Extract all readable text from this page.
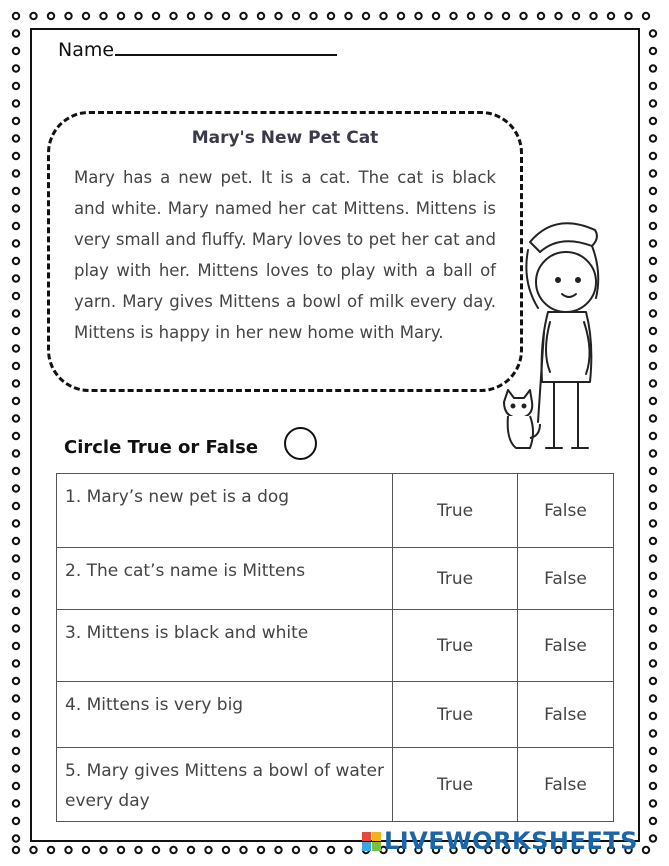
Name
Mary's New Pet Cat
Mary has a new pet. It is a cat. The cat is black and white. Mary named her cat Mittens. Mittens is very small and fluffy. Mary loves to pet her cat and play with her. Mittens loves to play with a ball of yarn. Mary gives Mittens a bowl of milk every day. Mittens is happy in her new home with Mary.
Circle True or False
1. Mary’s new pet is a dog	True	False
2. The cat’s name is Mittens	True	False
3. Mittens is black and white	True	False
4. Mittens is very big	True	False
5. Mary gives Mittens a bowl of water every day	True	False
LIVEWORKSHEETS
